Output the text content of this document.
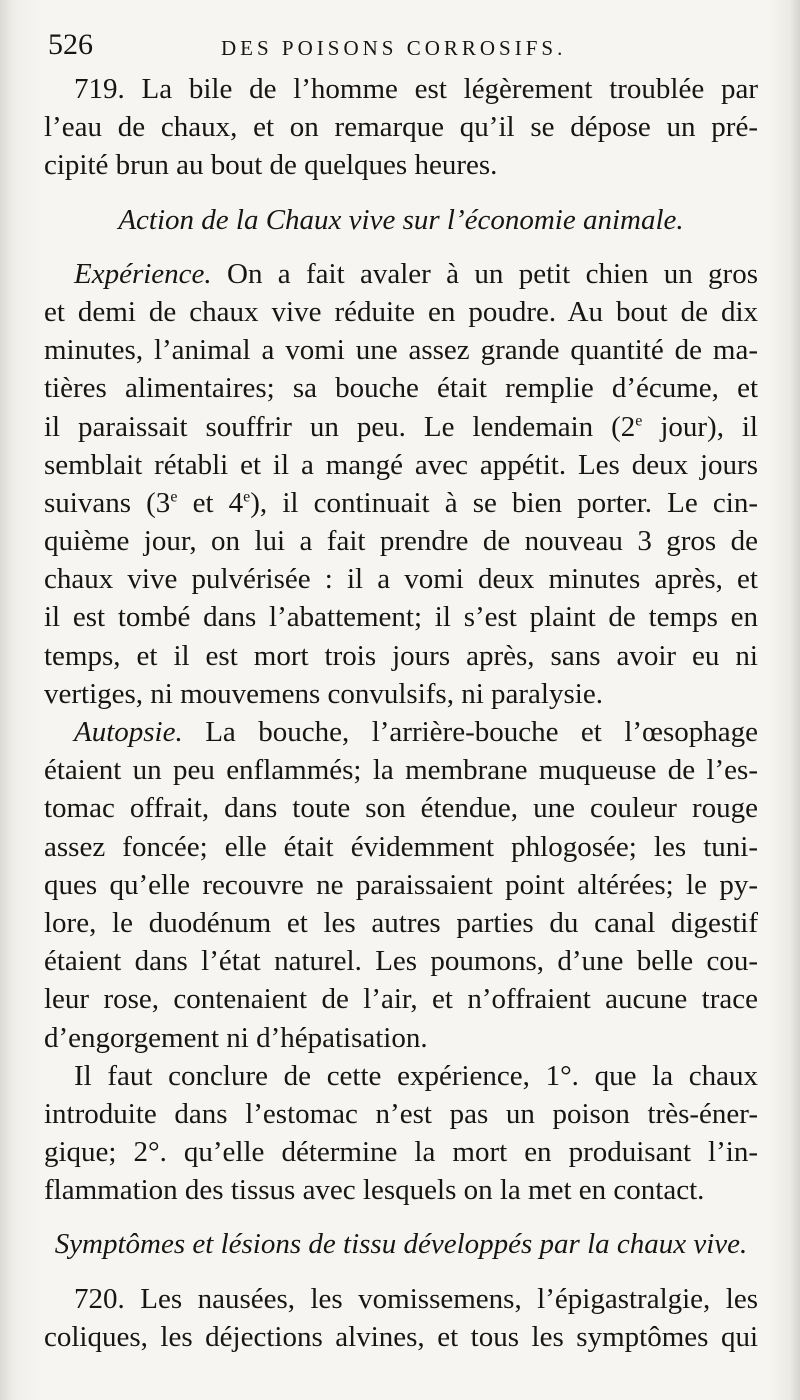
526	DES POISONS CORROSIFS.
719. La bile de l’homme est légèrement troublée par
l’eau de chaux, et on remarque qu’il se dépose un pré-
cipité brun au bout de quelques heures.
Action de la Chaux vive sur l’économie animale.
Expérience. On a fait avaler à un petit chien un gros
et demi de chaux vive réduite en poudre. Au bout de dix
minutes, l’animal a vomi une assez grande quantité de ma-
tières alimentaires; sa bouche était remplie d’écume, et
il paraissait souffrir un peu. Le lendemain (2e jour), il
semblait rétabli et il a mangé avec appétit. Les deux jours
suivans (3e et 4e), il continuait à se bien porter. Le cin-
quième jour, on lui a fait prendre de nouveau 3 gros de
chaux vive pulvérisée : il a vomi deux minutes après, et
il est tombé dans l’abattement; il s’est plaint de temps en
temps, et il est mort trois jours après, sans avoir eu ni
vertiges, ni mouvemens convulsifs, ni paralysie.
Autopsie. La bouche, l’arrière-bouche et l’œsophage
étaient un peu enflammés; la membrane muqueuse de l’es-
tomac offrait, dans toute son étendue, une couleur rouge
assez foncée; elle était évidemment phlogosée; les tuni-
ques qu’elle recouvre ne paraissaient point altérées; le py-
lore, le duodénum et les autres parties du canal digestif
étaient dans l’état naturel. Les poumons, d’une belle cou-
leur rose, contenaient de l’air, et n’offraient aucune trace
d’engorgement ni d’hépatisation.
Il faut conclure de cette expérience, 1°. que la chaux
introduite dans l’estomac n’est pas un poison très-éner-
gique; 2°. qu’elle détermine la mort en produisant l’in-
flammation des tissus avec lesquels on la met en contact.
Symptômes et lésions de tissu développés par la chaux vive.
720. Les nausées, les vomissemens, l’épigastralgie, les
coliques, les déjections alvines, et tous les symptômes qui
